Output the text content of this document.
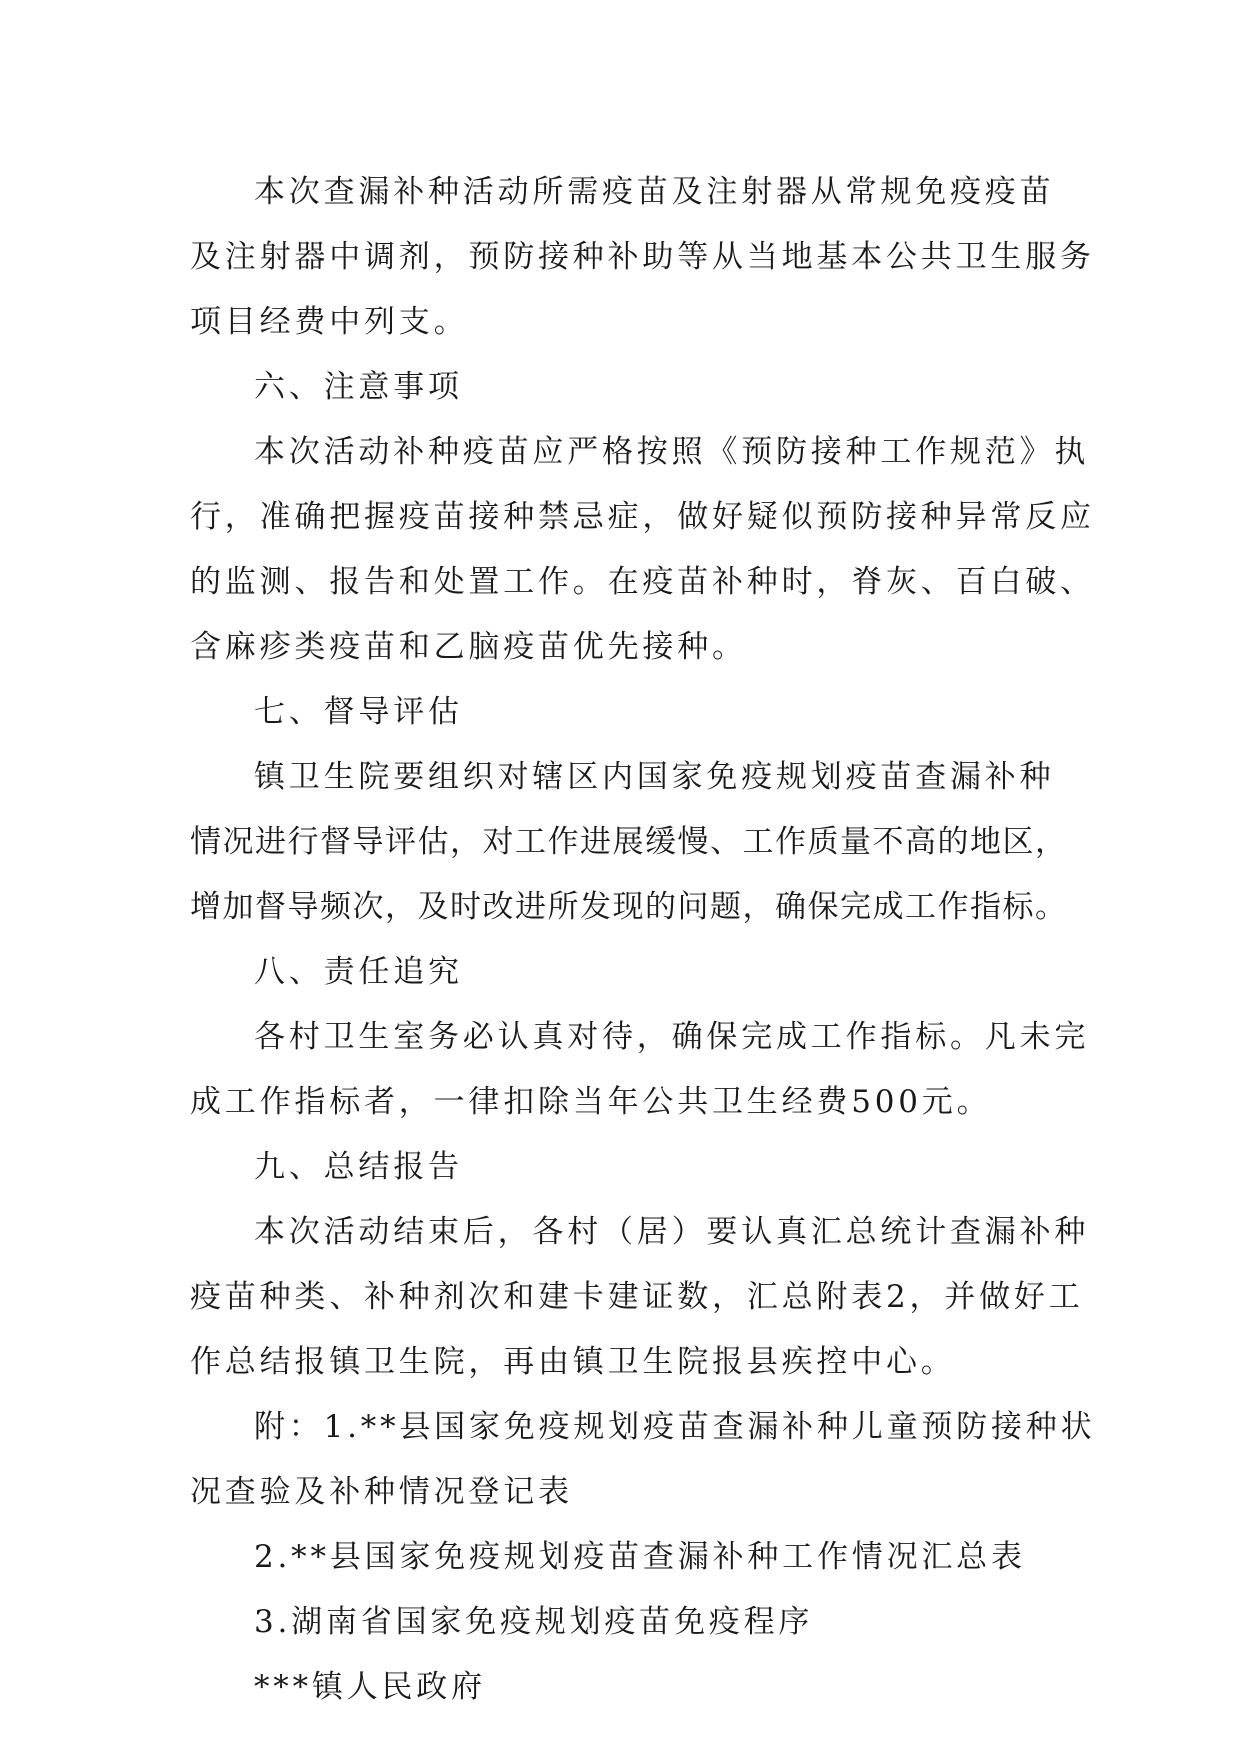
本次查漏补种活动所需疫苗及注射器从常规免疫疫苗
及注射器中调剂，预防接种补助等从当地基本公共卫生服务
项目经费中列支。
六、注意事项
本次活动补种疫苗应严格按照《预防接种工作规范》执
行，准确把握疫苗接种禁忌症，做好疑似预防接种异常反应
的监测、报告和处置工作。在疫苗补种时，脊灰、百白破、
含麻疹类疫苗和乙脑疫苗优先接种。
七、督导评估
镇卫生院要组织对辖区内国家免疫规划疫苗查漏补种
情况进行督导评估，对工作进展缓慢、工作质量不高的地区，
增加督导频次，及时改进所发现的问题，确保完成工作指标。
八、责任追究
各村卫生室务必认真对待，确保完成工作指标。凡未完
成工作指标者，一律扣除当年公共卫生经费500元。
九、总结报告
本次活动结束后，各村（居）要认真汇总统计查漏补种
疫苗种类、补种剂次和建卡建证数，汇总附表2，并做好工
作总结报镇卫生院，再由镇卫生院报县疾控中心。
附：1.**县国家免疫规划疫苗查漏补种儿童预防接种状
况查验及补种情况登记表
2.**县国家免疫规划疫苗查漏补种工作情况汇总表
3.湖南省国家免疫规划疫苗免疫程序
***镇人民政府
